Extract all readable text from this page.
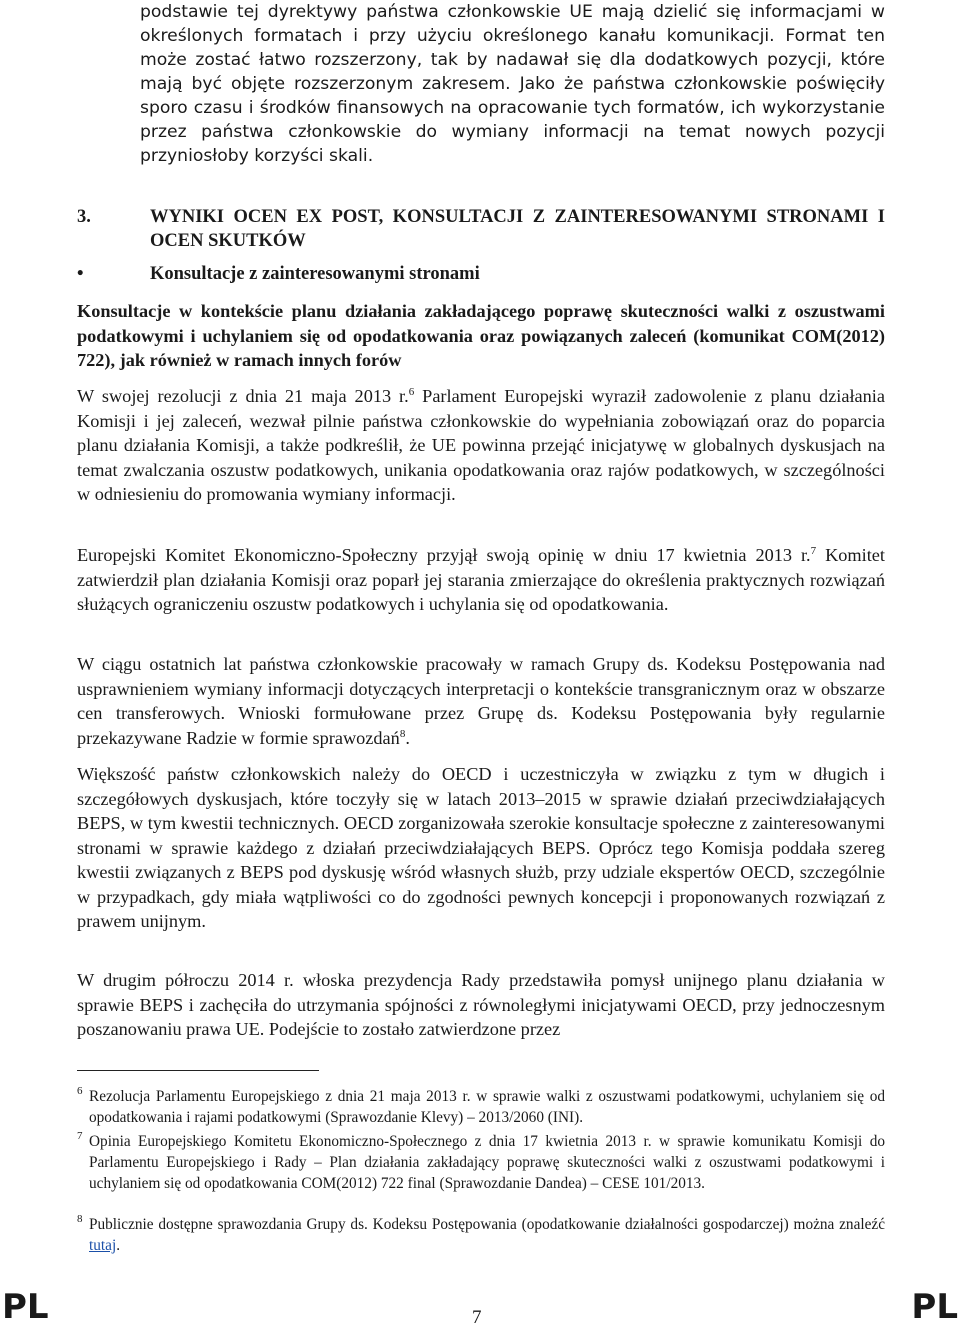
podstawie tej dyrektywy państwa członkowskie UE mają dzielić się informacjami w określonych formatach i przy użyciu określonego kanału komunikacji. Format ten może zostać łatwo rozszerzony, tak by nadawał się dla dodatkowych pozycji, które mają być objęte rozszerzonym zakresem. Jako że państwa członkowskie poświęciły sporo czasu i środków finansowych na opracowanie tych formatów, ich wykorzystanie przez państwa członkowskie do wymiany informacji na temat nowych pozycji przyniosłoby korzyści skali.

3.	WYNIKI OCEN EX POST, KONSULTACJI Z ZAINTERESOWANYMI STRONAMI I OCEN SKUTKÓW
•	Konsultacje z zainteresowanymi stronami

Konsultacje w kontekście planu działania zakładającego poprawę skuteczności walki z oszustwami podatkowymi i uchylaniem się od opodatkowania oraz powiązanych zaleceń (komunikat COM(2012) 722), jak również w ramach innych forów

W swojej rezolucji z dnia 21 maja 2013 r.$^6$ Parlament Europejski wyraził zadowolenie z planu działania Komisji i jej zaleceń, wezwał pilnie państwa członkowskie do wypełniania zobowiązań oraz do poparcia planu działania Komisji, a także podkreślił, że UE powinna przejąć inicjatywę w globalnych dyskusjach na temat zwalczania oszustw podatkowych, unikania opodatkowania oraz rajów podatkowych, w szczególności w odniesieniu do promowania wymiany informacji.

Europejski Komitet Ekonomiczno-Społeczny przyjął swoją opinię w dniu 17 kwietnia 2013 r.$^7$ Komitet zatwierdził plan działania Komisji oraz poparł jej starania zmierzające do określenia praktycznych rozwiązań służących ograniczeniu oszustw podatkowych i uchylania się od opodatkowania.

W ciągu ostatnich lat państwa członkowskie pracowały w ramach Grupy ds. Kodeksu Postępowania nad usprawnieniem wymiany informacji dotyczących interpretacji o kontekście transgranicznym oraz w obszarze cen transferowych. Wnioski formułowane przez Grupę ds. Kodeksu Postępowania były regularnie przekazywane Radzie w formie sprawozdań$^8$.

Większość państw członkowskich należy do OECD i uczestniczyła w związku z tym w długich i szczegółowych dyskusjach, które toczyły się w latach 2013–2015 w sprawie działań przeciwdziałających BEPS, w tym kwestii technicznych. OECD zorganizowała szerokie konsultacje społeczne z zainteresowanymi stronami w sprawie każdego z działań przeciwdziałających BEPS. Oprócz tego Komisja poddała szereg kwestii związanych z BEPS pod dyskusję wśród własnych służb, przy udziale ekspertów OECD, szczególnie w przypadkach, gdy miała wątpliwości co do zgodności pewnych koncepcji i proponowanych rozwiązań z prawem unijnym.

W drugim półroczu 2014 r. włoska prezydencja Rady przedstawiła pomysł unijnego planu działania w sprawie BEPS i zachęciła do utrzymania spójności z równoległymi inicjatywami OECD, przy jednoczesnym poszanowaniu prawa UE. Podejście to zostało zatwierdzone przez

6 Rezolucja Parlamentu Europejskiego z dnia 21 maja 2013 r. w sprawie walki z oszustwami podatkowymi, uchylaniem się od opodatkowania i rajami podatkowymi (Sprawozdanie Klevy) – 2013/2060 (INI).
7 Opinia Europejskiego Komitetu Ekonomiczno-Społecznego z dnia 17 kwietnia 2013 r. w sprawie komunikatu Komisji do Parlamentu Europejskiego i Rady – Plan działania zakładający poprawę skuteczności walki z oszustwami podatkowymi i uchylaniem się od opodatkowania COM(2012) 722 final (Sprawozdanie Dandea) – CESE 101/2013.
8 Publicznie dostępne sprawozdania Grupy ds. Kodeksu Postępowania (opodatkowanie działalności gospodarczej) można znaleźć tutaj.
PL	7	PL
